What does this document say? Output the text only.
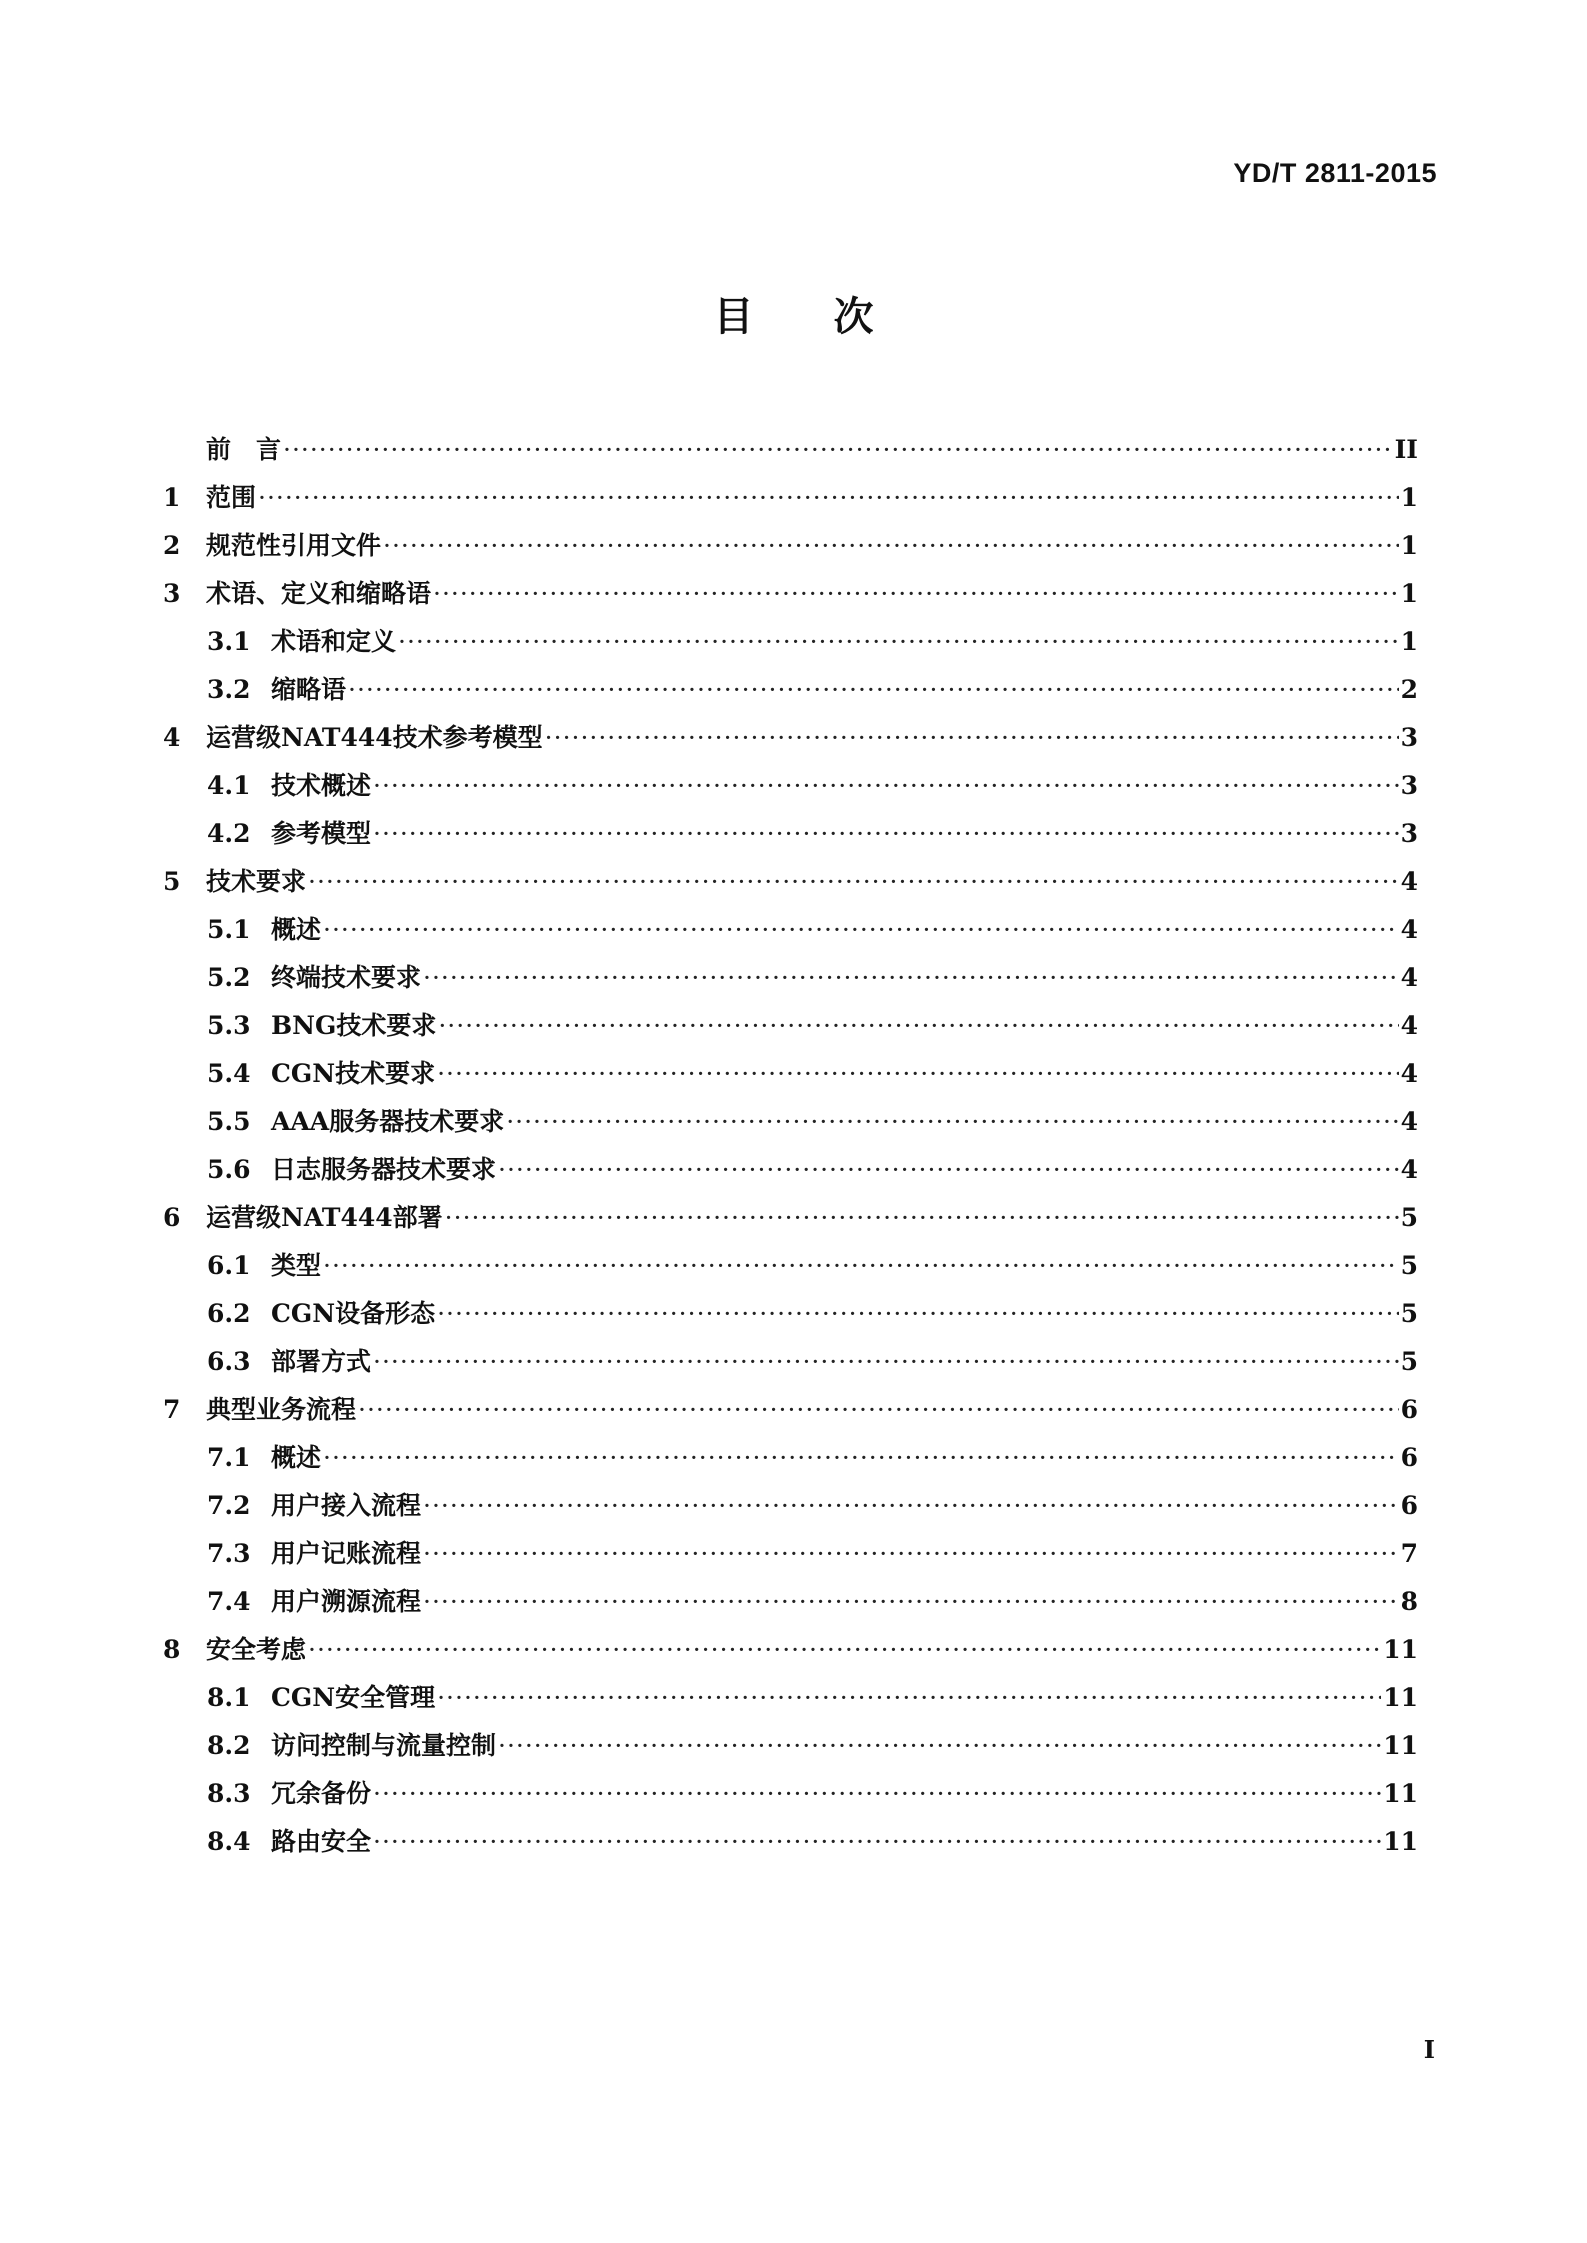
YD/T 2811-2015
目次
前　言 ·····	II
1	范围 ·····	1
2	规范性引用文件 ·····	1
3	术语、定义和缩略语 ·····	1
3.1 术语和定义 ·····	1
3.2 缩略语 ·····	2
4	运营级NAT444技术参考模型 ·····	3
4.1 技术概述 ·····	3
4.2 参考模型 ·····	3
5	技术要求 ·····	4
5.1 概述 ·····	4
5.2 终端技术要求 ·····	4
5.3 BNG技术要求 ·····	4
5.4 CGN技术要求 ·····	4
5.5 AAA服务器技术要求 ·····	4
5.6 日志服务器技术要求 ·····	4
6	运营级NAT444部署 ·····	5
6.1 类型 ·····	5
6.2 CGN设备形态 ·····	5
6.3 部署方式 ·····	5
7	典型业务流程 ·····	6
7.1 概述 ·····	6
7.2 用户接入流程 ·····	6
7.3 用户记账流程 ·····	7
7.4 用户溯源流程 ·····	8
8	安全考虑 ·····	11
8.1 CGN安全管理 ·····	11
8.2 访问控制与流量控制 ·····	11
8.3 冗余备份 ·····	11
8.4 路由安全 ·····	11
I
